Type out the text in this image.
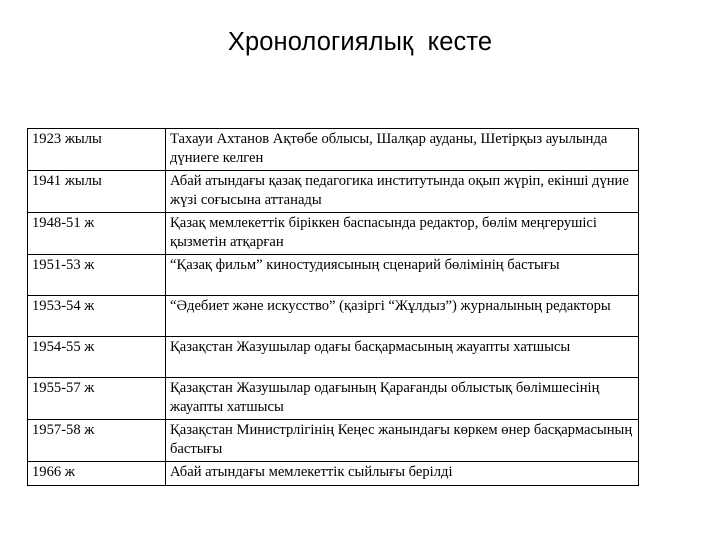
Хронологиялық  кесте
1923 жылы	Тахауи Ахтанов Ақтөбе облысы, Шалқар ауданы, Шетірқыз ауылында дүниеге келген
1941 жылы	Абай атындағы қазақ педагогика институтында оқып жүріп, екінші дүние жүзі соғысына аттанады
1948-51 ж	Қазақ мемлекеттік біріккен баспасында редактор, бөлім меңгерушісі қызметін атқарған
1951-53 ж	“Қазақ фильм” киностудиясының сценарий бөлімінің бастығы
1953-54 ж	“Әдебиет және искусство” (қазіргі “Жұлдыз”) журналының редакторы
1954-55 ж	Қазақстан Жазушылар одағы басқармасының жауапты хатшысы
1955-57 ж	Қазақстан Жазушылар одағының Қарағанды облыстық бөлімшесінің жауапты хатшысы
1957-58 ж	Қазақстан Министрлігінің Кеңес жанындағы көркем өнер басқармасының бастығы
1966 ж	Абай атындағы мемлекеттік сыйлығы берілді
